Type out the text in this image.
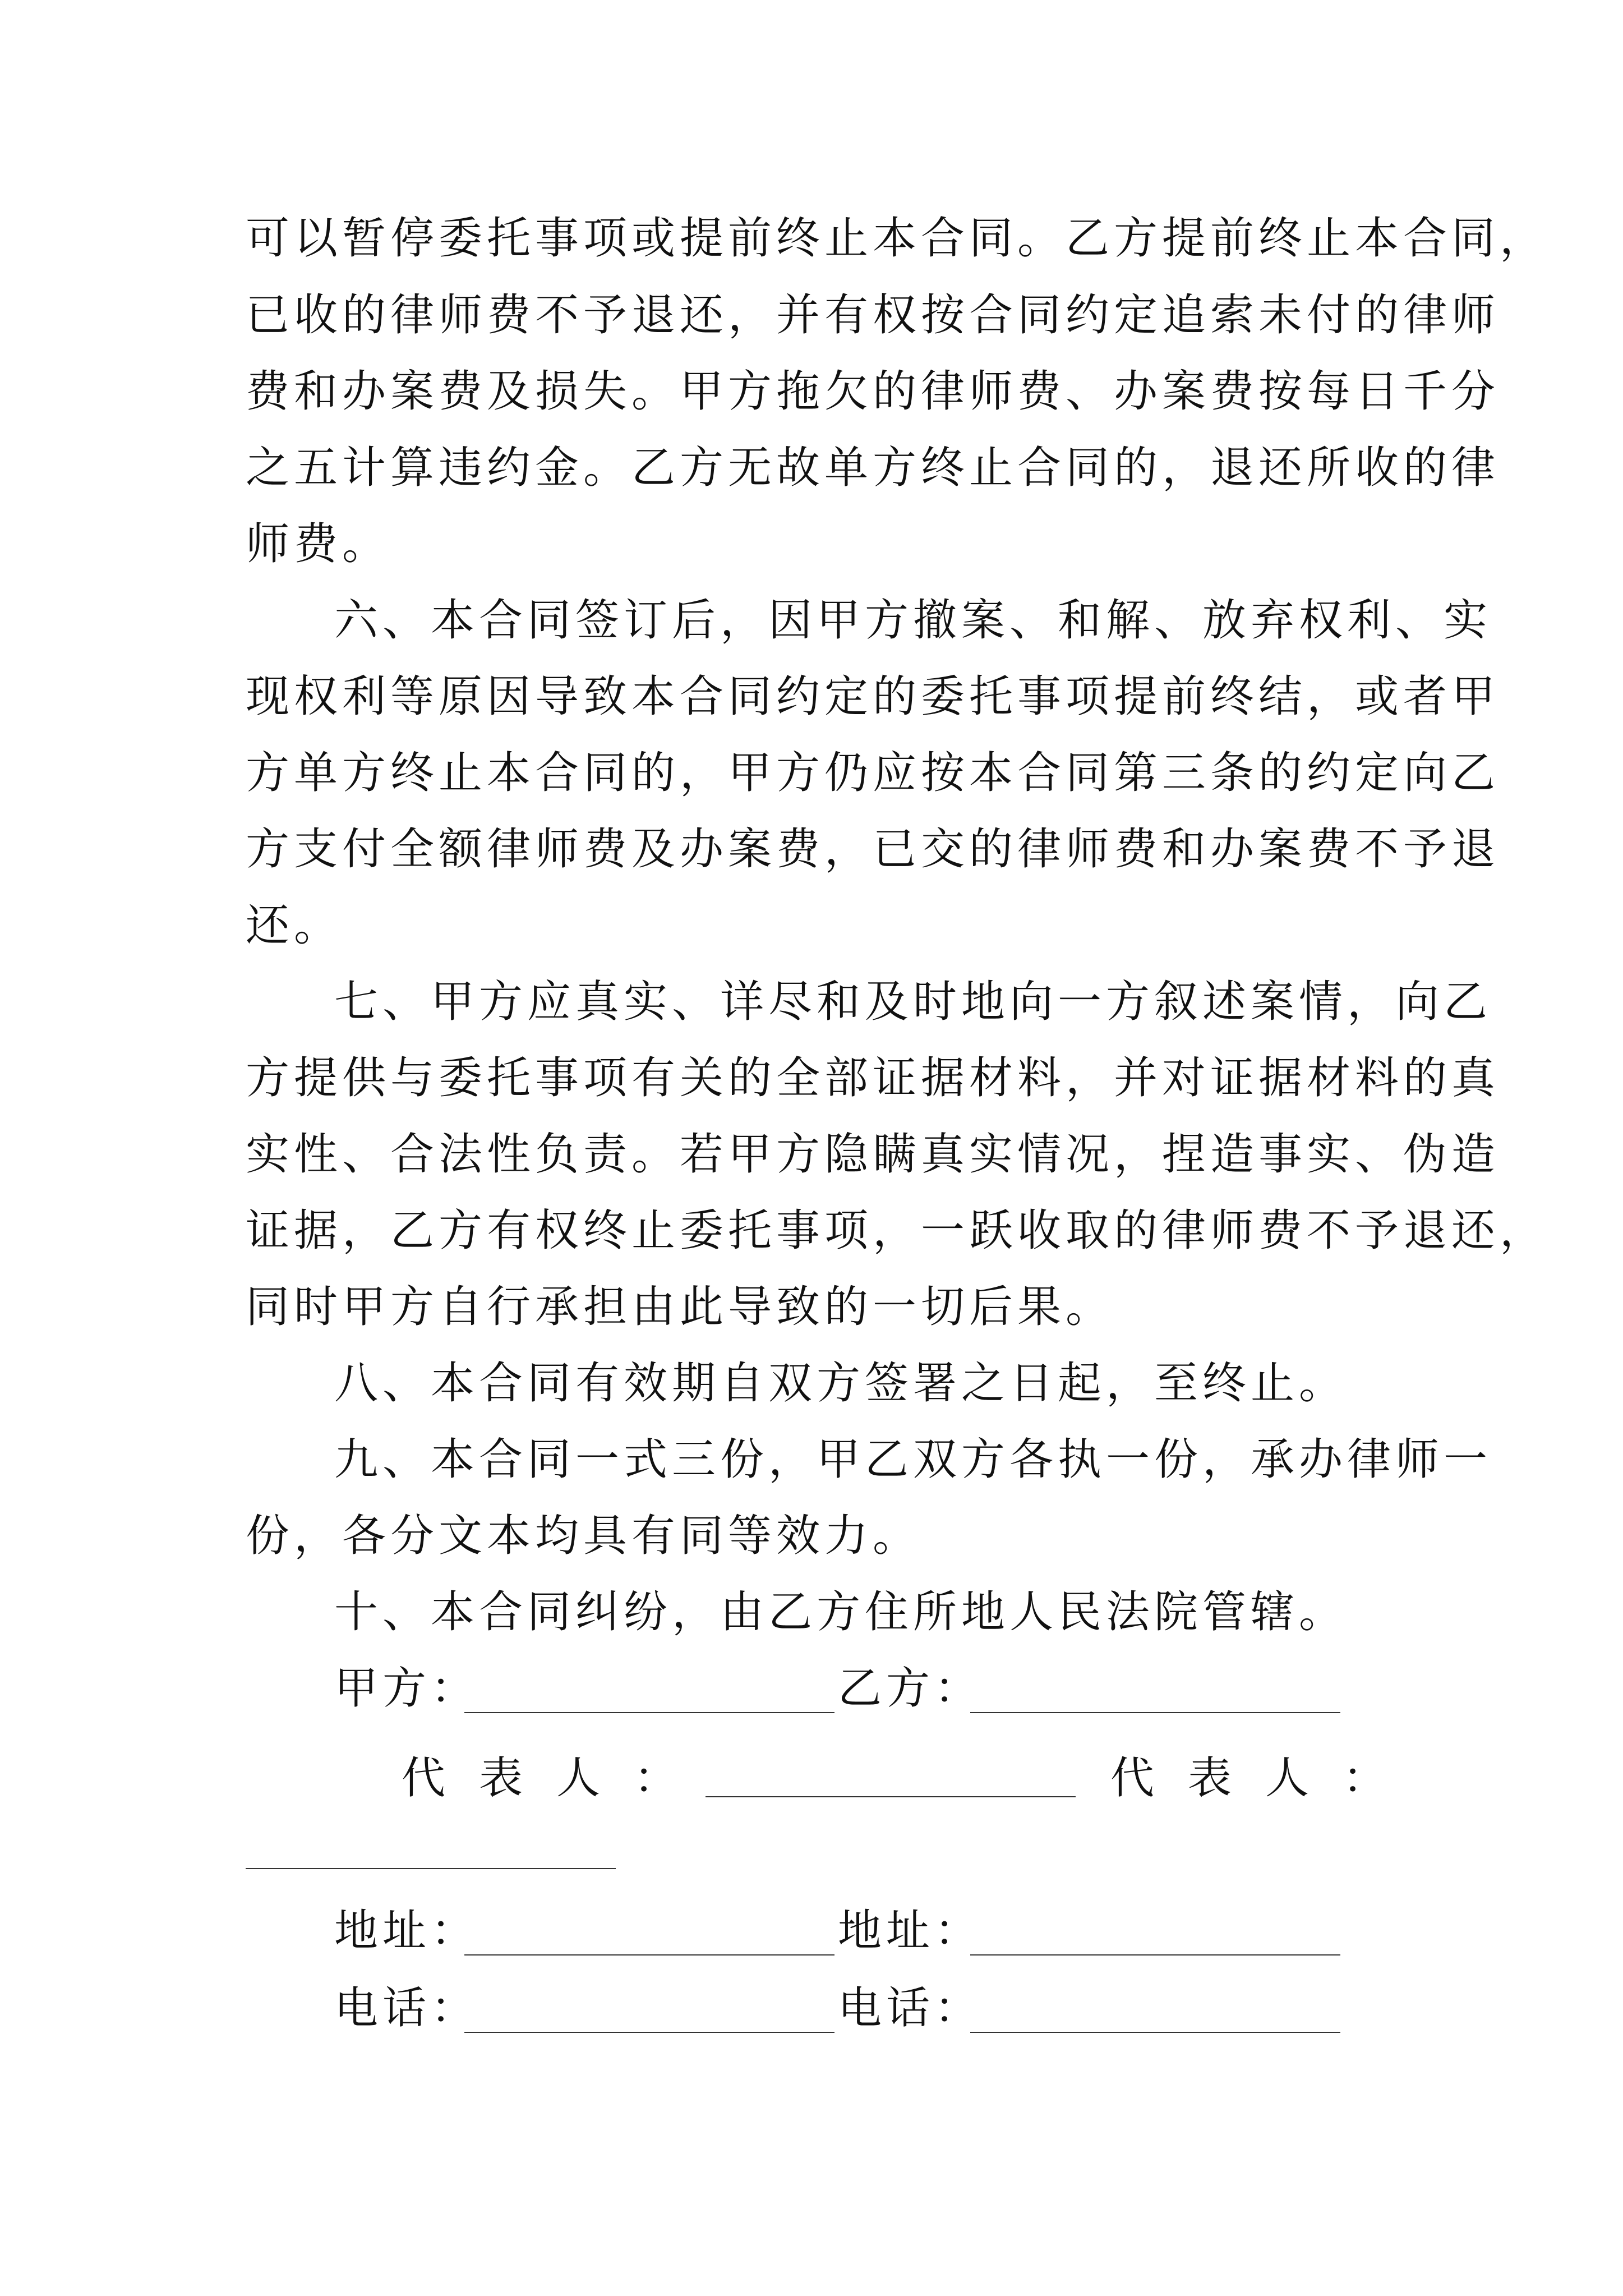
可以暂停委托事项或提前终止本合同。乙方提前终止本合同，
已收的律师费不予退还，并有权按合同约定追索未付的律师
费和办案费及损失。甲方拖欠的律师费、办案费按每日千分
之五计算违约金。乙方无故单方终止合同的，退还所收的律
师费。
六、本合同签订后，因甲方撤案、和解、放弃权利、实
现权利等原因导致本合同约定的委托事项提前终结，或者甲
方单方终止本合同的，甲方仍应按本合同第三条的约定向乙
方支付全额律师费及办案费，已交的律师费和办案费不予退
还。
七、甲方应真实、详尽和及时地向一方叙述案情，向乙
方提供与委托事项有关的全部证据材料，并对证据材料的真
实性、合法性负责。若甲方隐瞒真实情况，捏造事实、伪造
证据，乙方有权终止委托事项，一跃收取的律师费不予退还，
同时甲方自行承担由此导致的一切后果。
八、本合同有效期自双方签署之日起，至终止。
九、本合同一式三份，甲乙双方各执一份，承办律师一
份，各分文本均具有同等效力。
十、本合同纠纷，由乙方住所地人民法院管辖。
甲方：	乙方：
代表人：	代表人：
地址：	地址：
电话：	电话：
